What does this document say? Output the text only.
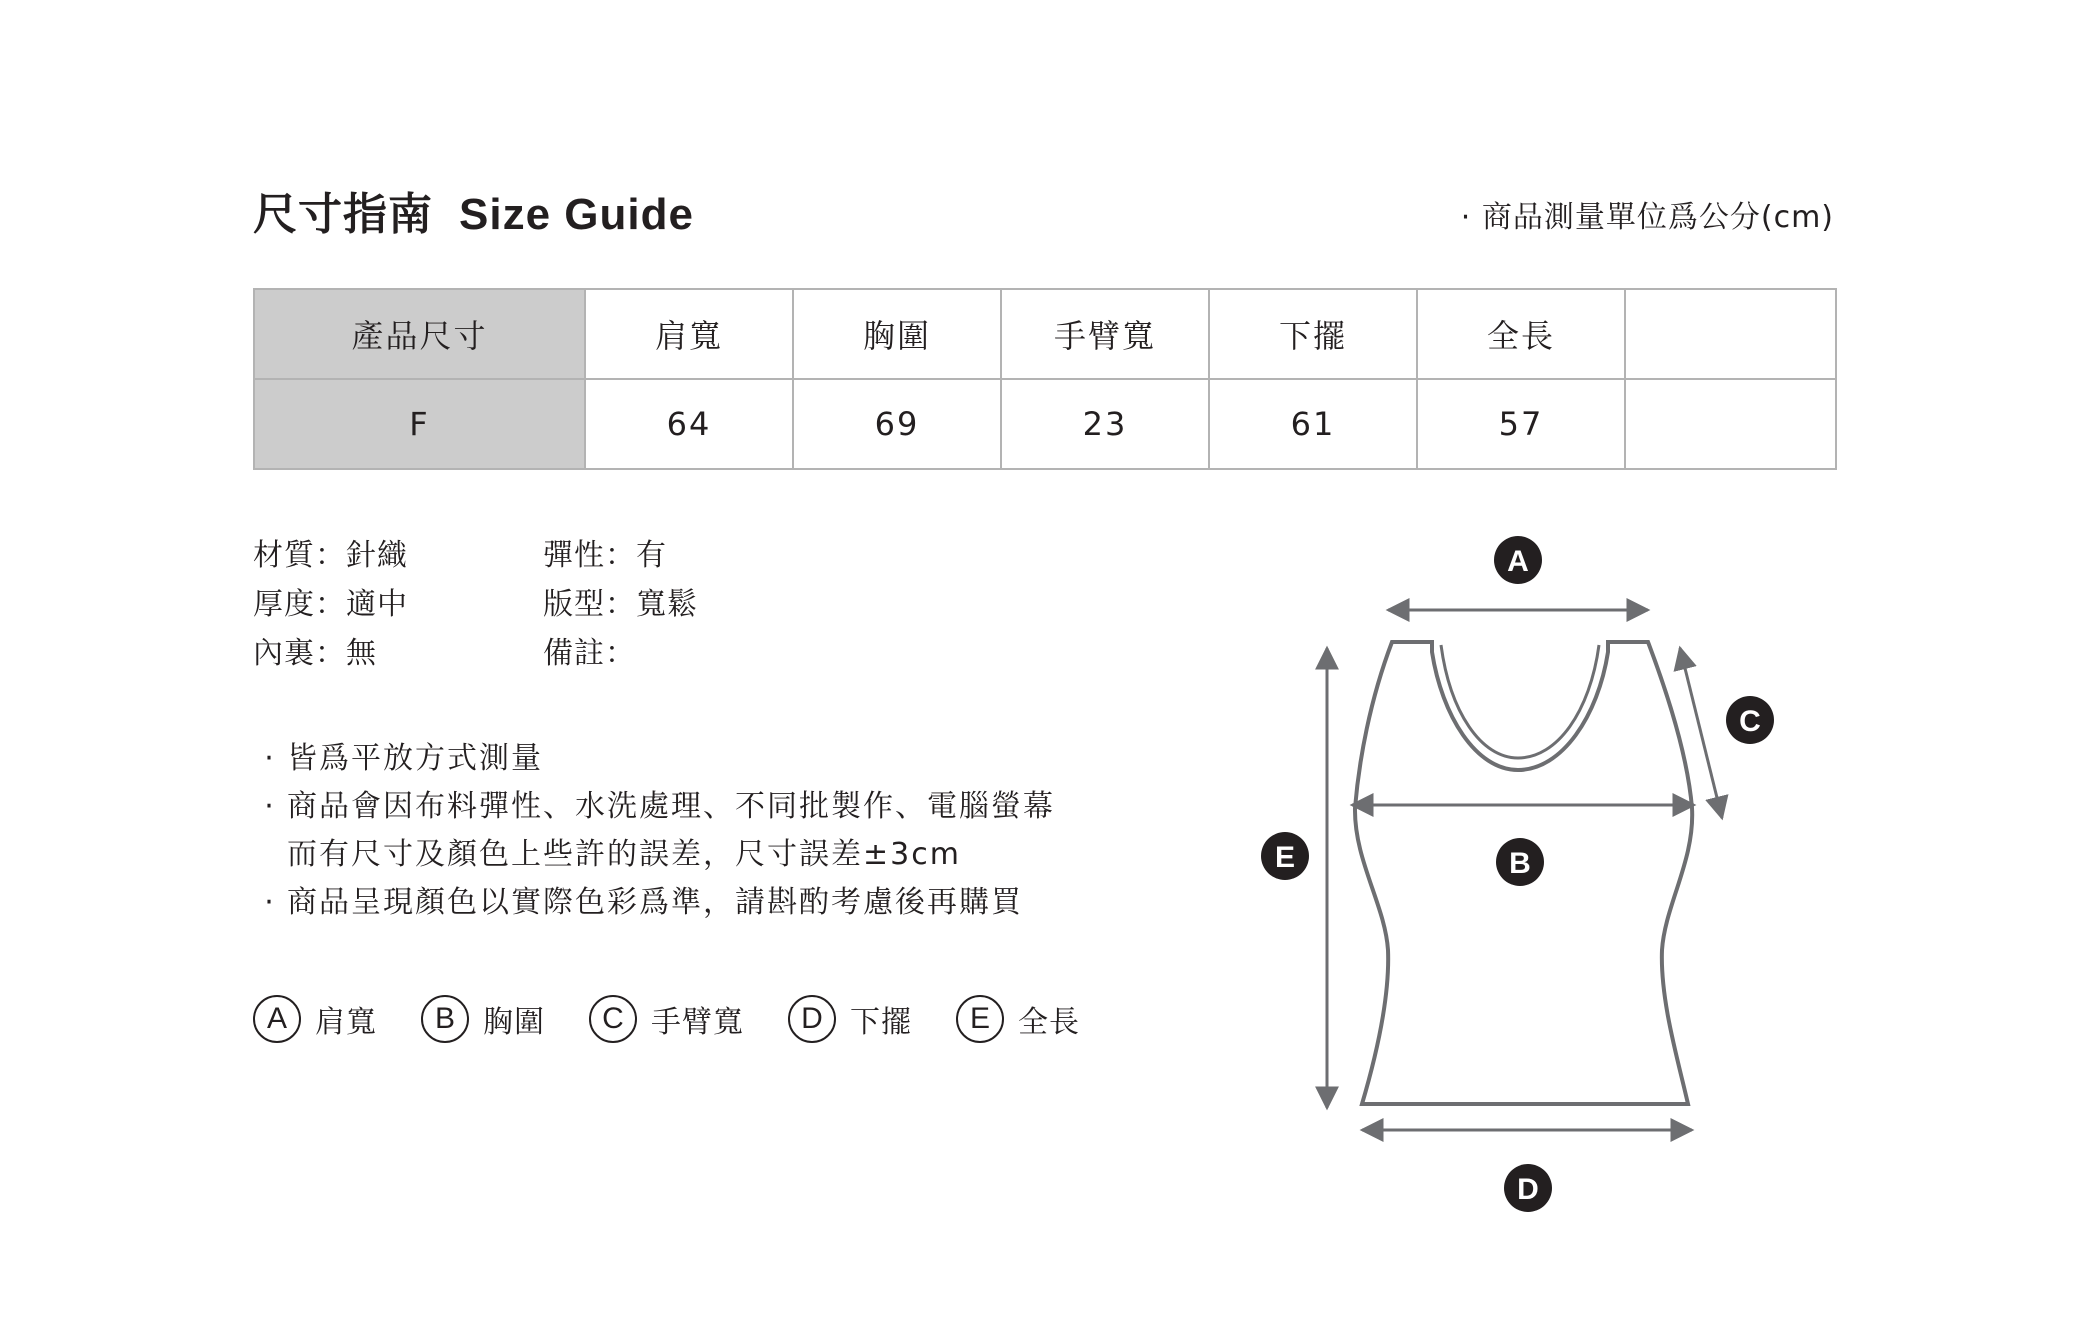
尺寸指南 Size Guide	· 商品測量單位爲公分(cm)
產品尺寸	肩寬	胸圍	手臂寬	下擺	全長	
F	64	69	23	61	57	
材質：針織
厚度：適中
內裏：無
彈性：有
版型：寬鬆
備註：
· 皆爲平放方式測量
· 商品會因布料彈性、水洗處理、不同批製作、電腦螢幕
而有尺寸及顏色上些許的誤差，尺寸誤差±3cm
· 商品呈現顏色以實際色彩爲準，請斟酌考慮後再購買
A 肩寬	B 胸圍	C 手臂寬	D 下擺	E 全長
A
B
C
D
E
